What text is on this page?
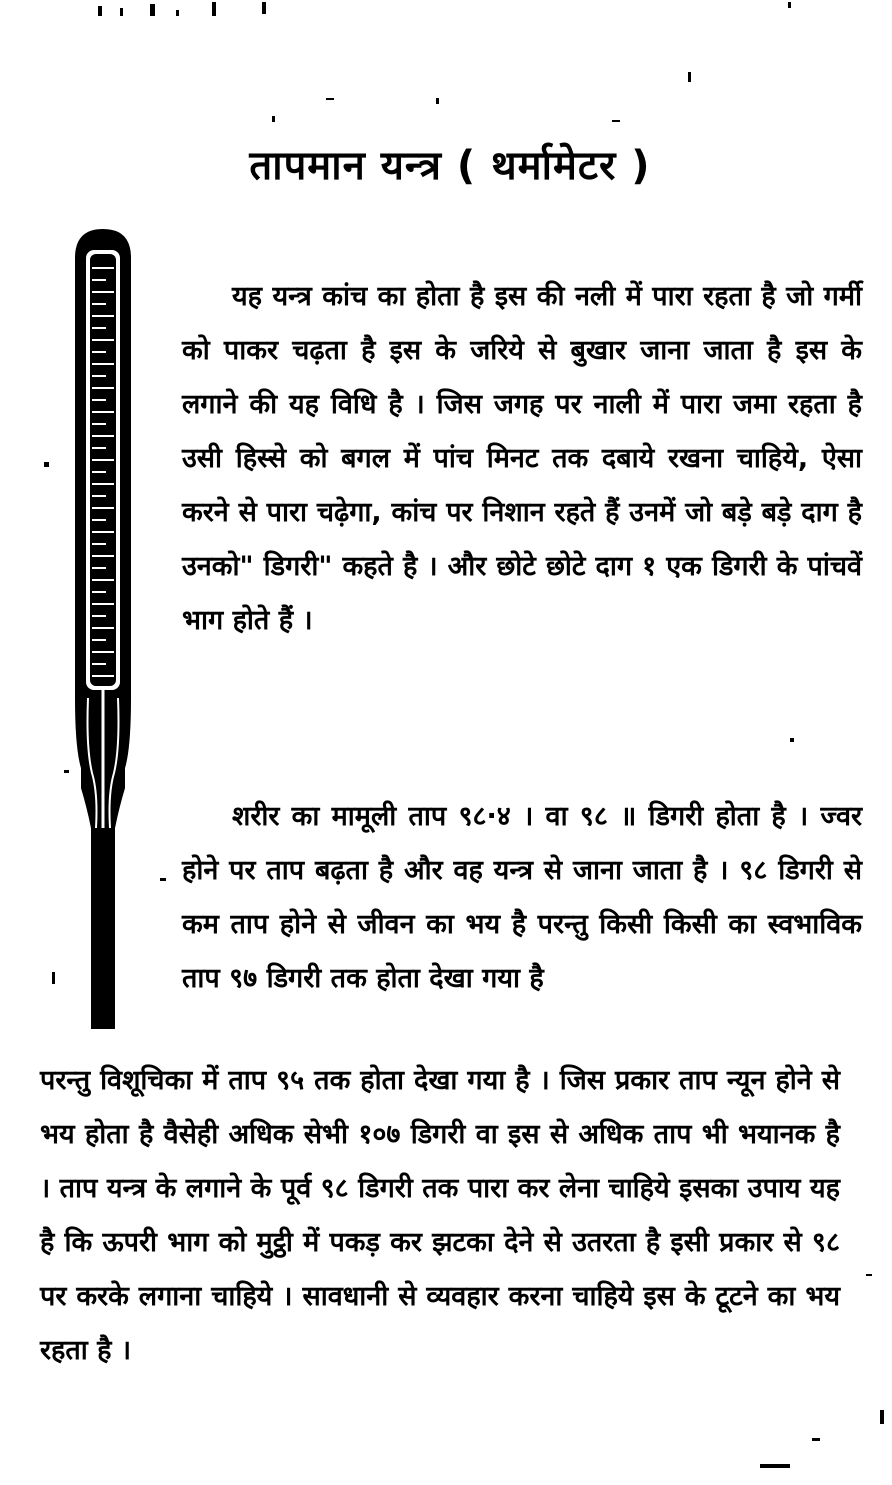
तापमान यन्त्र ( थर्मामेटर )
यह यन्त्र कांच का होता है इस की नली में पारा रहता है जो गर्मी को पाकर चढ़ता है इस के जरिये से बुखार जाना जाता है इस के लगाने की यह विधि है । जिस जगह पर नाली में पारा जमा रहता है उसी हिस्से को बगल में पांच मिनट तक दबाये रखना चाहिये, ऐसा करने से पारा चढ़ेगा, कांच पर निशान रहते हैं उनमें जो बड़े बड़े दाग है उनको" डिगरी" कहते है । और छोटे छोटे दाग १ एक डिगरी के पांचवें भाग होते हैं ।
शरीर का मामूली ताप ९८·४ । वा ९८ ॥ डिगरी होता है । ज्वर होने पर ताप बढ़ता है और वह यन्त्र से जाना जाता है । ९८ डिगरी से कम ताप होने से जीवन का भय है परन्तु किसी किसी का स्वभाविक ताप ९७ डिगरी तक होता देखा गया है
परन्तु विशूचिका में ताप ९५ तक होता देखा गया है । जिस प्रकार ताप न्यून होने से भय होता है वैसेही अधिक सेभी १०७ डिगरी वा इस से अधिक ताप भी भयानक है । ताप यन्त्र के लगाने के पूर्व ९८ डिगरी तक पारा कर लेना चाहिये इसका उपाय यह है कि ऊपरी भाग को मुट्ठी में पकड़ कर झटका देने से उतरता है इसी प्रकार से ९८ पर करके लगाना चाहिये । सावधानी से व्यवहार करना चाहिये इस के टूटने का भय रहता है ।
